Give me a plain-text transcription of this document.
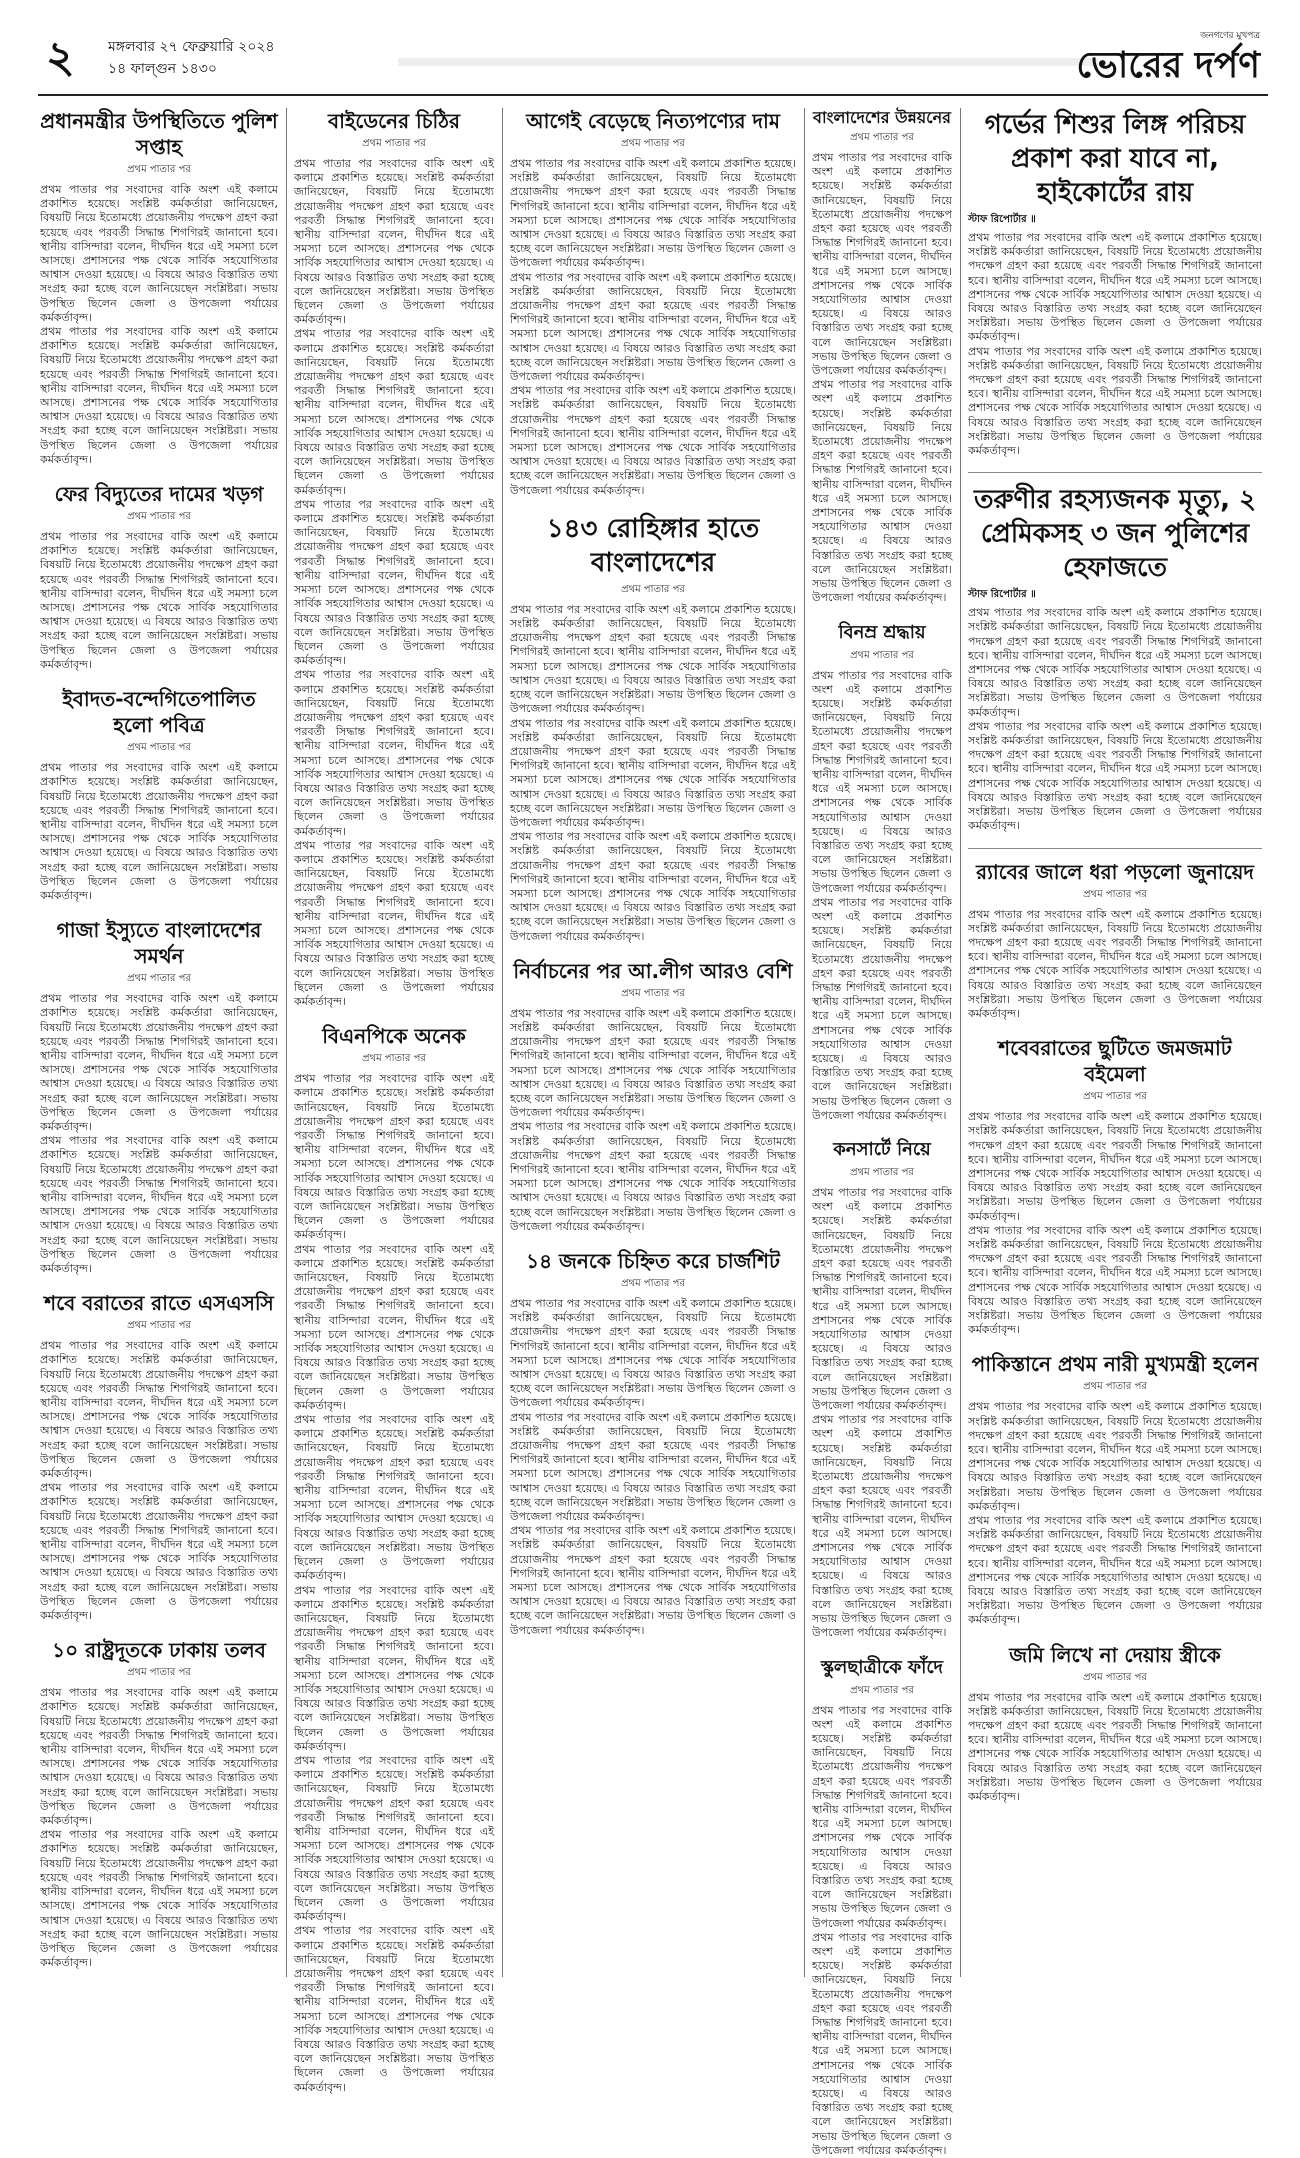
২ মঙ্গলবার ২৭ ফেব্রুয়ারি ২০২৪
১৪ ফাল্গুন ১৪৩০
জনগণের মুখপত্র
ভোরের দর্পণ
প্রধানমন্ত্রীর উপস্থিতিতে পুলিশ সপ্তাহ
প্রথম পাতার পর

প্রথম পাতার পর সংবাদের বাকি অংশ এই কলামে প্রকাশিত হয়েছে। সংশ্লিষ্ট কর্মকর্তারা জানিয়েছেন, বিষয়টি নিয়ে ইতোমধ্যে প্রয়োজনীয় পদক্ষেপ গ্রহণ করা হয়েছে এবং পরবর্তী সিদ্ধান্ত শিগগিরই জানানো হবে। স্থানীয় বাসিন্দারা বলেন, দীর্ঘদিন ধরে এই সমস্যা চলে আসছে। প্রশাসনের পক্ষ থেকে সার্বিক সহযোগিতার আশ্বাস দেওয়া হয়েছে। এ বিষয়ে আরও বিস্তারিত তথ্য সংগ্রহ করা হচ্ছে বলে জানিয়েছেন সংশ্লিষ্টরা। সভায় উপস্থিত ছিলেন জেলা ও উপজেলা পর্যায়ের কর্মকর্তাবৃন্দ।

প্রথম পাতার পর সংবাদের বাকি অংশ এই কলামে প্রকাশিত হয়েছে। সংশ্লিষ্ট কর্মকর্তারা জানিয়েছেন, বিষয়টি নিয়ে ইতোমধ্যে প্রয়োজনীয় পদক্ষেপ গ্রহণ করা হয়েছে এবং পরবর্তী সিদ্ধান্ত শিগগিরই জানানো হবে। স্থানীয় বাসিন্দারা বলেন, দীর্ঘদিন ধরে এই সমস্যা চলে আসছে। প্রশাসনের পক্ষ থেকে সার্বিক সহযোগিতার আশ্বাস দেওয়া হয়েছে। এ বিষয়ে আরও বিস্তারিত তথ্য সংগ্রহ করা হচ্ছে বলে জানিয়েছেন সংশ্লিষ্টরা। সভায় উপস্থিত ছিলেন জেলা ও উপজেলা পর্যায়ের কর্মকর্তাবৃন্দ।

ফের বিদ্যুতের দামের খড়গ
প্রথম পাতার পর

প্রথম পাতার পর সংবাদের বাকি অংশ এই কলামে প্রকাশিত হয়েছে। সংশ্লিষ্ট কর্মকর্তারা জানিয়েছেন, বিষয়টি নিয়ে ইতোমধ্যে প্রয়োজনীয় পদক্ষেপ গ্রহণ করা হয়েছে এবং পরবর্তী সিদ্ধান্ত শিগগিরই জানানো হবে। স্থানীয় বাসিন্দারা বলেন, দীর্ঘদিন ধরে এই সমস্যা চলে আসছে। প্রশাসনের পক্ষ থেকে সার্বিক সহযোগিতার আশ্বাস দেওয়া হয়েছে। এ বিষয়ে আরও বিস্তারিত তথ্য সংগ্রহ করা হচ্ছে বলে জানিয়েছেন সংশ্লিষ্টরা। সভায় উপস্থিত ছিলেন জেলা ও উপজেলা পর্যায়ের কর্মকর্তাবৃন্দ।

ইবাদত-বন্দেগিতেপালিত হলো পবিত্র
প্রথম পাতার পর

প্রথম পাতার পর সংবাদের বাকি অংশ এই কলামে প্রকাশিত হয়েছে। সংশ্লিষ্ট কর্মকর্তারা জানিয়েছেন, বিষয়টি নিয়ে ইতোমধ্যে প্রয়োজনীয় পদক্ষেপ গ্রহণ করা হয়েছে এবং পরবর্তী সিদ্ধান্ত শিগগিরই জানানো হবে। স্থানীয় বাসিন্দারা বলেন, দীর্ঘদিন ধরে এই সমস্যা চলে আসছে। প্রশাসনের পক্ষ থেকে সার্বিক সহযোগিতার আশ্বাস দেওয়া হয়েছে। এ বিষয়ে আরও বিস্তারিত তথ্য সংগ্রহ করা হচ্ছে বলে জানিয়েছেন সংশ্লিষ্টরা। সভায় উপস্থিত ছিলেন জেলা ও উপজেলা পর্যায়ের কর্মকর্তাবৃন্দ।

গাজা ইস্যুতে বাংলাদেশের সমর্থন
প্রথম পাতার পর

প্রথম পাতার পর সংবাদের বাকি অংশ এই কলামে প্রকাশিত হয়েছে। সংশ্লিষ্ট কর্মকর্তারা জানিয়েছেন, বিষয়টি নিয়ে ইতোমধ্যে প্রয়োজনীয় পদক্ষেপ গ্রহণ করা হয়েছে এবং পরবর্তী সিদ্ধান্ত শিগগিরই জানানো হবে। স্থানীয় বাসিন্দারা বলেন, দীর্ঘদিন ধরে এই সমস্যা চলে আসছে। প্রশাসনের পক্ষ থেকে সার্বিক সহযোগিতার আশ্বাস দেওয়া হয়েছে। এ বিষয়ে আরও বিস্তারিত তথ্য সংগ্রহ করা হচ্ছে বলে জানিয়েছেন সংশ্লিষ্টরা। সভায় উপস্থিত ছিলেন জেলা ও উপজেলা পর্যায়ের কর্মকর্তাবৃন্দ।

প্রথম পাতার পর সংবাদের বাকি অংশ এই কলামে প্রকাশিত হয়েছে। সংশ্লিষ্ট কর্মকর্তারা জানিয়েছেন, বিষয়টি নিয়ে ইতোমধ্যে প্রয়োজনীয় পদক্ষেপ গ্রহণ করা হয়েছে এবং পরবর্তী সিদ্ধান্ত শিগগিরই জানানো হবে। স্থানীয় বাসিন্দারা বলেন, দীর্ঘদিন ধরে এই সমস্যা চলে আসছে। প্রশাসনের পক্ষ থেকে সার্বিক সহযোগিতার আশ্বাস দেওয়া হয়েছে। এ বিষয়ে আরও বিস্তারিত তথ্য সংগ্রহ করা হচ্ছে বলে জানিয়েছেন সংশ্লিষ্টরা। সভায় উপস্থিত ছিলেন জেলা ও উপজেলা পর্যায়ের কর্মকর্তাবৃন্দ।

শবে বরাতের রাতে এসএসসি
প্রথম পাতার পর

প্রথম পাতার পর সংবাদের বাকি অংশ এই কলামে প্রকাশিত হয়েছে। সংশ্লিষ্ট কর্মকর্তারা জানিয়েছেন, বিষয়টি নিয়ে ইতোমধ্যে প্রয়োজনীয় পদক্ষেপ গ্রহণ করা হয়েছে এবং পরবর্তী সিদ্ধান্ত শিগগিরই জানানো হবে। স্থানীয় বাসিন্দারা বলেন, দীর্ঘদিন ধরে এই সমস্যা চলে আসছে। প্রশাসনের পক্ষ থেকে সার্বিক সহযোগিতার আশ্বাস দেওয়া হয়েছে। এ বিষয়ে আরও বিস্তারিত তথ্য সংগ্রহ করা হচ্ছে বলে জানিয়েছেন সংশ্লিষ্টরা। সভায় উপস্থিত ছিলেন জেলা ও উপজেলা পর্যায়ের কর্মকর্তাবৃন্দ।

প্রথম পাতার পর সংবাদের বাকি অংশ এই কলামে প্রকাশিত হয়েছে। সংশ্লিষ্ট কর্মকর্তারা জানিয়েছেন, বিষয়টি নিয়ে ইতোমধ্যে প্রয়োজনীয় পদক্ষেপ গ্রহণ করা হয়েছে এবং পরবর্তী সিদ্ধান্ত শিগগিরই জানানো হবে। স্থানীয় বাসিন্দারা বলেন, দীর্ঘদিন ধরে এই সমস্যা চলে আসছে। প্রশাসনের পক্ষ থেকে সার্বিক সহযোগিতার আশ্বাস দেওয়া হয়েছে। এ বিষয়ে আরও বিস্তারিত তথ্য সংগ্রহ করা হচ্ছে বলে জানিয়েছেন সংশ্লিষ্টরা। সভায় উপস্থিত ছিলেন জেলা ও উপজেলা পর্যায়ের কর্মকর্তাবৃন্দ।

১০ রাষ্ট্রদূতকে ঢাকায় তলব
প্রথম পাতার পর

প্রথম পাতার পর সংবাদের বাকি অংশ এই কলামে প্রকাশিত হয়েছে। সংশ্লিষ্ট কর্মকর্তারা জানিয়েছেন, বিষয়টি নিয়ে ইতোমধ্যে প্রয়োজনীয় পদক্ষেপ গ্রহণ করা হয়েছে এবং পরবর্তী সিদ্ধান্ত শিগগিরই জানানো হবে। স্থানীয় বাসিন্দারা বলেন, দীর্ঘদিন ধরে এই সমস্যা চলে আসছে। প্রশাসনের পক্ষ থেকে সার্বিক সহযোগিতার আশ্বাস দেওয়া হয়েছে। এ বিষয়ে আরও বিস্তারিত তথ্য সংগ্রহ করা হচ্ছে বলে জানিয়েছেন সংশ্লিষ্টরা। সভায় উপস্থিত ছিলেন জেলা ও উপজেলা পর্যায়ের কর্মকর্তাবৃন্দ।

প্রথম পাতার পর সংবাদের বাকি অংশ এই কলামে প্রকাশিত হয়েছে। সংশ্লিষ্ট কর্মকর্তারা জানিয়েছেন, বিষয়টি নিয়ে ইতোমধ্যে প্রয়োজনীয় পদক্ষেপ গ্রহণ করা হয়েছে এবং পরবর্তী সিদ্ধান্ত শিগগিরই জানানো হবে। স্থানীয় বাসিন্দারা বলেন, দীর্ঘদিন ধরে এই সমস্যা চলে আসছে। প্রশাসনের পক্ষ থেকে সার্বিক সহযোগিতার আশ্বাস দেওয়া হয়েছে। এ বিষয়ে আরও বিস্তারিত তথ্য সংগ্রহ করা হচ্ছে বলে জানিয়েছেন সংশ্লিষ্টরা। সভায় উপস্থিত ছিলেন জেলা ও উপজেলা পর্যায়ের কর্মকর্তাবৃন্দ।

বাইডেনের চিঠির
প্রথম পাতার পর

প্রথম পাতার পর সংবাদের বাকি অংশ এই কলামে প্রকাশিত হয়েছে। সংশ্লিষ্ট কর্মকর্তারা জানিয়েছেন, বিষয়টি নিয়ে ইতোমধ্যে প্রয়োজনীয় পদক্ষেপ গ্রহণ করা হয়েছে এবং পরবর্তী সিদ্ধান্ত শিগগিরই জানানো হবে। স্থানীয় বাসিন্দারা বলেন, দীর্ঘদিন ধরে এই সমস্যা চলে আসছে। প্রশাসনের পক্ষ থেকে সার্বিক সহযোগিতার আশ্বাস দেওয়া হয়েছে। এ বিষয়ে আরও বিস্তারিত তথ্য সংগ্রহ করা হচ্ছে বলে জানিয়েছেন সংশ্লিষ্টরা। সভায় উপস্থিত ছিলেন জেলা ও উপজেলা পর্যায়ের কর্মকর্তাবৃন্দ।

প্রথম পাতার পর সংবাদের বাকি অংশ এই কলামে প্রকাশিত হয়েছে। সংশ্লিষ্ট কর্মকর্তারা জানিয়েছেন, বিষয়টি নিয়ে ইতোমধ্যে প্রয়োজনীয় পদক্ষেপ গ্রহণ করা হয়েছে এবং পরবর্তী সিদ্ধান্ত শিগগিরই জানানো হবে। স্থানীয় বাসিন্দারা বলেন, দীর্ঘদিন ধরে এই সমস্যা চলে আসছে। প্রশাসনের পক্ষ থেকে সার্বিক সহযোগিতার আশ্বাস দেওয়া হয়েছে। এ বিষয়ে আরও বিস্তারিত তথ্য সংগ্রহ করা হচ্ছে বলে জানিয়েছেন সংশ্লিষ্টরা। সভায় উপস্থিত ছিলেন জেলা ও উপজেলা পর্যায়ের কর্মকর্তাবৃন্দ।

প্রথম পাতার পর সংবাদের বাকি অংশ এই কলামে প্রকাশিত হয়েছে। সংশ্লিষ্ট কর্মকর্তারা জানিয়েছেন, বিষয়টি নিয়ে ইতোমধ্যে প্রয়োজনীয় পদক্ষেপ গ্রহণ করা হয়েছে এবং পরবর্তী সিদ্ধান্ত শিগগিরই জানানো হবে। স্থানীয় বাসিন্দারা বলেন, দীর্ঘদিন ধরে এই সমস্যা চলে আসছে। প্রশাসনের পক্ষ থেকে সার্বিক সহযোগিতার আশ্বাস দেওয়া হয়েছে। এ বিষয়ে আরও বিস্তারিত তথ্য সংগ্রহ করা হচ্ছে বলে জানিয়েছেন সংশ্লিষ্টরা। সভায় উপস্থিত ছিলেন জেলা ও উপজেলা পর্যায়ের কর্মকর্তাবৃন্দ।

প্রথম পাতার পর সংবাদের বাকি অংশ এই কলামে প্রকাশিত হয়েছে। সংশ্লিষ্ট কর্মকর্তারা জানিয়েছেন, বিষয়টি নিয়ে ইতোমধ্যে প্রয়োজনীয় পদক্ষেপ গ্রহণ করা হয়েছে এবং পরবর্তী সিদ্ধান্ত শিগগিরই জানানো হবে। স্থানীয় বাসিন্দারা বলেন, দীর্ঘদিন ধরে এই সমস্যা চলে আসছে। প্রশাসনের পক্ষ থেকে সার্বিক সহযোগিতার আশ্বাস দেওয়া হয়েছে। এ বিষয়ে আরও বিস্তারিত তথ্য সংগ্রহ করা হচ্ছে বলে জানিয়েছেন সংশ্লিষ্টরা। সভায় উপস্থিত ছিলেন জেলা ও উপজেলা পর্যায়ের কর্মকর্তাবৃন্দ।

প্রথম পাতার পর সংবাদের বাকি অংশ এই কলামে প্রকাশিত হয়েছে। সংশ্লিষ্ট কর্মকর্তারা জানিয়েছেন, বিষয়টি নিয়ে ইতোমধ্যে প্রয়োজনীয় পদক্ষেপ গ্রহণ করা হয়েছে এবং পরবর্তী সিদ্ধান্ত শিগগিরই জানানো হবে। স্থানীয় বাসিন্দারা বলেন, দীর্ঘদিন ধরে এই সমস্যা চলে আসছে। প্রশাসনের পক্ষ থেকে সার্বিক সহযোগিতার আশ্বাস দেওয়া হয়েছে। এ বিষয়ে আরও বিস্তারিত তথ্য সংগ্রহ করা হচ্ছে বলে জানিয়েছেন সংশ্লিষ্টরা। সভায় উপস্থিত ছিলেন জেলা ও উপজেলা পর্যায়ের কর্মকর্তাবৃন্দ।

বিএনপিকে অনেক
প্রথম পাতার পর

প্রথম পাতার পর সংবাদের বাকি অংশ এই কলামে প্রকাশিত হয়েছে। সংশ্লিষ্ট কর্মকর্তারা জানিয়েছেন, বিষয়টি নিয়ে ইতোমধ্যে প্রয়োজনীয় পদক্ষেপ গ্রহণ করা হয়েছে এবং পরবর্তী সিদ্ধান্ত শিগগিরই জানানো হবে। স্থানীয় বাসিন্দারা বলেন, দীর্ঘদিন ধরে এই সমস্যা চলে আসছে। প্রশাসনের পক্ষ থেকে সার্বিক সহযোগিতার আশ্বাস দেওয়া হয়েছে। এ বিষয়ে আরও বিস্তারিত তথ্য সংগ্রহ করা হচ্ছে বলে জানিয়েছেন সংশ্লিষ্টরা। সভায় উপস্থিত ছিলেন জেলা ও উপজেলা পর্যায়ের কর্মকর্তাবৃন্দ।

প্রথম পাতার পর সংবাদের বাকি অংশ এই কলামে প্রকাশিত হয়েছে। সংশ্লিষ্ট কর্মকর্তারা জানিয়েছেন, বিষয়টি নিয়ে ইতোমধ্যে প্রয়োজনীয় পদক্ষেপ গ্রহণ করা হয়েছে এবং পরবর্তী সিদ্ধান্ত শিগগিরই জানানো হবে। স্থানীয় বাসিন্দারা বলেন, দীর্ঘদিন ধরে এই সমস্যা চলে আসছে। প্রশাসনের পক্ষ থেকে সার্বিক সহযোগিতার আশ্বাস দেওয়া হয়েছে। এ বিষয়ে আরও বিস্তারিত তথ্য সংগ্রহ করা হচ্ছে বলে জানিয়েছেন সংশ্লিষ্টরা। সভায় উপস্থিত ছিলেন জেলা ও উপজেলা পর্যায়ের কর্মকর্তাবৃন্দ।

প্রথম পাতার পর সংবাদের বাকি অংশ এই কলামে প্রকাশিত হয়েছে। সংশ্লিষ্ট কর্মকর্তারা জানিয়েছেন, বিষয়টি নিয়ে ইতোমধ্যে প্রয়োজনীয় পদক্ষেপ গ্রহণ করা হয়েছে এবং পরবর্তী সিদ্ধান্ত শিগগিরই জানানো হবে। স্থানীয় বাসিন্দারা বলেন, দীর্ঘদিন ধরে এই সমস্যা চলে আসছে। প্রশাসনের পক্ষ থেকে সার্বিক সহযোগিতার আশ্বাস দেওয়া হয়েছে। এ বিষয়ে আরও বিস্তারিত তথ্য সংগ্রহ করা হচ্ছে বলে জানিয়েছেন সংশ্লিষ্টরা। সভায় উপস্থিত ছিলেন জেলা ও উপজেলা পর্যায়ের কর্মকর্তাবৃন্দ।

প্রথম পাতার পর সংবাদের বাকি অংশ এই কলামে প্রকাশিত হয়েছে। সংশ্লিষ্ট কর্মকর্তারা জানিয়েছেন, বিষয়টি নিয়ে ইতোমধ্যে প্রয়োজনীয় পদক্ষেপ গ্রহণ করা হয়েছে এবং পরবর্তী সিদ্ধান্ত শিগগিরই জানানো হবে। স্থানীয় বাসিন্দারা বলেন, দীর্ঘদিন ধরে এই সমস্যা চলে আসছে। প্রশাসনের পক্ষ থেকে সার্বিক সহযোগিতার আশ্বাস দেওয়া হয়েছে। এ বিষয়ে আরও বিস্তারিত তথ্য সংগ্রহ করা হচ্ছে বলে জানিয়েছেন সংশ্লিষ্টরা। সভায় উপস্থিত ছিলেন জেলা ও উপজেলা পর্যায়ের কর্মকর্তাবৃন্দ।

প্রথম পাতার পর সংবাদের বাকি অংশ এই কলামে প্রকাশিত হয়েছে। সংশ্লিষ্ট কর্মকর্তারা জানিয়েছেন, বিষয়টি নিয়ে ইতোমধ্যে প্রয়োজনীয় পদক্ষেপ গ্রহণ করা হয়েছে এবং পরবর্তী সিদ্ধান্ত শিগগিরই জানানো হবে। স্থানীয় বাসিন্দারা বলেন, দীর্ঘদিন ধরে এই সমস্যা চলে আসছে। প্রশাসনের পক্ষ থেকে সার্বিক সহযোগিতার আশ্বাস দেওয়া হয়েছে। এ বিষয়ে আরও বিস্তারিত তথ্য সংগ্রহ করা হচ্ছে বলে জানিয়েছেন সংশ্লিষ্টরা। সভায় উপস্থিত ছিলেন জেলা ও উপজেলা পর্যায়ের কর্মকর্তাবৃন্দ।

প্রথম পাতার পর সংবাদের বাকি অংশ এই কলামে প্রকাশিত হয়েছে। সংশ্লিষ্ট কর্মকর্তারা জানিয়েছেন, বিষয়টি নিয়ে ইতোমধ্যে প্রয়োজনীয় পদক্ষেপ গ্রহণ করা হয়েছে এবং পরবর্তী সিদ্ধান্ত শিগগিরই জানানো হবে। স্থানীয় বাসিন্দারা বলেন, দীর্ঘদিন ধরে এই সমস্যা চলে আসছে। প্রশাসনের পক্ষ থেকে সার্বিক সহযোগিতার আশ্বাস দেওয়া হয়েছে। এ বিষয়ে আরও বিস্তারিত তথ্য সংগ্রহ করা হচ্ছে বলে জানিয়েছেন সংশ্লিষ্টরা। সভায় উপস্থিত ছিলেন জেলা ও উপজেলা পর্যায়ের কর্মকর্তাবৃন্দ।

আগেই বেড়েছে নিত্যপণ্যের দাম
প্রথম পাতার পর

প্রথম পাতার পর সংবাদের বাকি অংশ এই কলামে প্রকাশিত হয়েছে। সংশ্লিষ্ট কর্মকর্তারা জানিয়েছেন, বিষয়টি নিয়ে ইতোমধ্যে প্রয়োজনীয় পদক্ষেপ গ্রহণ করা হয়েছে এবং পরবর্তী সিদ্ধান্ত শিগগিরই জানানো হবে। স্থানীয় বাসিন্দারা বলেন, দীর্ঘদিন ধরে এই সমস্যা চলে আসছে। প্রশাসনের পক্ষ থেকে সার্বিক সহযোগিতার আশ্বাস দেওয়া হয়েছে। এ বিষয়ে আরও বিস্তারিত তথ্য সংগ্রহ করা হচ্ছে বলে জানিয়েছেন সংশ্লিষ্টরা। সভায় উপস্থিত ছিলেন জেলা ও উপজেলা পর্যায়ের কর্মকর্তাবৃন্দ।

প্রথম পাতার পর সংবাদের বাকি অংশ এই কলামে প্রকাশিত হয়েছে। সংশ্লিষ্ট কর্মকর্তারা জানিয়েছেন, বিষয়টি নিয়ে ইতোমধ্যে প্রয়োজনীয় পদক্ষেপ গ্রহণ করা হয়েছে এবং পরবর্তী সিদ্ধান্ত শিগগিরই জানানো হবে। স্থানীয় বাসিন্দারা বলেন, দীর্ঘদিন ধরে এই সমস্যা চলে আসছে। প্রশাসনের পক্ষ থেকে সার্বিক সহযোগিতার আশ্বাস দেওয়া হয়েছে। এ বিষয়ে আরও বিস্তারিত তথ্য সংগ্রহ করা হচ্ছে বলে জানিয়েছেন সংশ্লিষ্টরা। সভায় উপস্থিত ছিলেন জেলা ও উপজেলা পর্যায়ের কর্মকর্তাবৃন্দ।

প্রথম পাতার পর সংবাদের বাকি অংশ এই কলামে প্রকাশিত হয়েছে। সংশ্লিষ্ট কর্মকর্তারা জানিয়েছেন, বিষয়টি নিয়ে ইতোমধ্যে প্রয়োজনীয় পদক্ষেপ গ্রহণ করা হয়েছে এবং পরবর্তী সিদ্ধান্ত শিগগিরই জানানো হবে। স্থানীয় বাসিন্দারা বলেন, দীর্ঘদিন ধরে এই সমস্যা চলে আসছে। প্রশাসনের পক্ষ থেকে সার্বিক সহযোগিতার আশ্বাস দেওয়া হয়েছে। এ বিষয়ে আরও বিস্তারিত তথ্য সংগ্রহ করা হচ্ছে বলে জানিয়েছেন সংশ্লিষ্টরা। সভায় উপস্থিত ছিলেন জেলা ও উপজেলা পর্যায়ের কর্মকর্তাবৃন্দ।

১৪৩ রোহিঙ্গার হাতে বাংলাদেশের
প্রথম পাতার পর

প্রথম পাতার পর সংবাদের বাকি অংশ এই কলামে প্রকাশিত হয়েছে। সংশ্লিষ্ট কর্মকর্তারা জানিয়েছেন, বিষয়টি নিয়ে ইতোমধ্যে প্রয়োজনীয় পদক্ষেপ গ্রহণ করা হয়েছে এবং পরবর্তী সিদ্ধান্ত শিগগিরই জানানো হবে। স্থানীয় বাসিন্দারা বলেন, দীর্ঘদিন ধরে এই সমস্যা চলে আসছে। প্রশাসনের পক্ষ থেকে সার্বিক সহযোগিতার আশ্বাস দেওয়া হয়েছে। এ বিষয়ে আরও বিস্তারিত তথ্য সংগ্রহ করা হচ্ছে বলে জানিয়েছেন সংশ্লিষ্টরা। সভায় উপস্থিত ছিলেন জেলা ও উপজেলা পর্যায়ের কর্মকর্তাবৃন্দ।

প্রথম পাতার পর সংবাদের বাকি অংশ এই কলামে প্রকাশিত হয়েছে। সংশ্লিষ্ট কর্মকর্তারা জানিয়েছেন, বিষয়টি নিয়ে ইতোমধ্যে প্রয়োজনীয় পদক্ষেপ গ্রহণ করা হয়েছে এবং পরবর্তী সিদ্ধান্ত শিগগিরই জানানো হবে। স্থানীয় বাসিন্দারা বলেন, দীর্ঘদিন ধরে এই সমস্যা চলে আসছে। প্রশাসনের পক্ষ থেকে সার্বিক সহযোগিতার আশ্বাস দেওয়া হয়েছে। এ বিষয়ে আরও বিস্তারিত তথ্য সংগ্রহ করা হচ্ছে বলে জানিয়েছেন সংশ্লিষ্টরা। সভায় উপস্থিত ছিলেন জেলা ও উপজেলা পর্যায়ের কর্মকর্তাবৃন্দ।

প্রথম পাতার পর সংবাদের বাকি অংশ এই কলামে প্রকাশিত হয়েছে। সংশ্লিষ্ট কর্মকর্তারা জানিয়েছেন, বিষয়টি নিয়ে ইতোমধ্যে প্রয়োজনীয় পদক্ষেপ গ্রহণ করা হয়েছে এবং পরবর্তী সিদ্ধান্ত শিগগিরই জানানো হবে। স্থানীয় বাসিন্দারা বলেন, দীর্ঘদিন ধরে এই সমস্যা চলে আসছে। প্রশাসনের পক্ষ থেকে সার্বিক সহযোগিতার আশ্বাস দেওয়া হয়েছে। এ বিষয়ে আরও বিস্তারিত তথ্য সংগ্রহ করা হচ্ছে বলে জানিয়েছেন সংশ্লিষ্টরা। সভায় উপস্থিত ছিলেন জেলা ও উপজেলা পর্যায়ের কর্মকর্তাবৃন্দ।

নির্বাচনের পর আ.লীগ আরও বেশি
প্রথম পাতার পর

প্রথম পাতার পর সংবাদের বাকি অংশ এই কলামে প্রকাশিত হয়েছে। সংশ্লিষ্ট কর্মকর্তারা জানিয়েছেন, বিষয়টি নিয়ে ইতোমধ্যে প্রয়োজনীয় পদক্ষেপ গ্রহণ করা হয়েছে এবং পরবর্তী সিদ্ধান্ত শিগগিরই জানানো হবে। স্থানীয় বাসিন্দারা বলেন, দীর্ঘদিন ধরে এই সমস্যা চলে আসছে। প্রশাসনের পক্ষ থেকে সার্বিক সহযোগিতার আশ্বাস দেওয়া হয়েছে। এ বিষয়ে আরও বিস্তারিত তথ্য সংগ্রহ করা হচ্ছে বলে জানিয়েছেন সংশ্লিষ্টরা। সভায় উপস্থিত ছিলেন জেলা ও উপজেলা পর্যায়ের কর্মকর্তাবৃন্দ।

প্রথম পাতার পর সংবাদের বাকি অংশ এই কলামে প্রকাশিত হয়েছে। সংশ্লিষ্ট কর্মকর্তারা জানিয়েছেন, বিষয়টি নিয়ে ইতোমধ্যে প্রয়োজনীয় পদক্ষেপ গ্রহণ করা হয়েছে এবং পরবর্তী সিদ্ধান্ত শিগগিরই জানানো হবে। স্থানীয় বাসিন্দারা বলেন, দীর্ঘদিন ধরে এই সমস্যা চলে আসছে। প্রশাসনের পক্ষ থেকে সার্বিক সহযোগিতার আশ্বাস দেওয়া হয়েছে। এ বিষয়ে আরও বিস্তারিত তথ্য সংগ্রহ করা হচ্ছে বলে জানিয়েছেন সংশ্লিষ্টরা। সভায় উপস্থিত ছিলেন জেলা ও উপজেলা পর্যায়ের কর্মকর্তাবৃন্দ।

১৪ জনকে চিহ্নিত করে চার্জশিট
প্রথম পাতার পর

প্রথম পাতার পর সংবাদের বাকি অংশ এই কলামে প্রকাশিত হয়েছে। সংশ্লিষ্ট কর্মকর্তারা জানিয়েছেন, বিষয়টি নিয়ে ইতোমধ্যে প্রয়োজনীয় পদক্ষেপ গ্রহণ করা হয়েছে এবং পরবর্তী সিদ্ধান্ত শিগগিরই জানানো হবে। স্থানীয় বাসিন্দারা বলেন, দীর্ঘদিন ধরে এই সমস্যা চলে আসছে। প্রশাসনের পক্ষ থেকে সার্বিক সহযোগিতার আশ্বাস দেওয়া হয়েছে। এ বিষয়ে আরও বিস্তারিত তথ্য সংগ্রহ করা হচ্ছে বলে জানিয়েছেন সংশ্লিষ্টরা। সভায় উপস্থিত ছিলেন জেলা ও উপজেলা পর্যায়ের কর্মকর্তাবৃন্দ।

প্রথম পাতার পর সংবাদের বাকি অংশ এই কলামে প্রকাশিত হয়েছে। সংশ্লিষ্ট কর্মকর্তারা জানিয়েছেন, বিষয়টি নিয়ে ইতোমধ্যে প্রয়োজনীয় পদক্ষেপ গ্রহণ করা হয়েছে এবং পরবর্তী সিদ্ধান্ত শিগগিরই জানানো হবে। স্থানীয় বাসিন্দারা বলেন, দীর্ঘদিন ধরে এই সমস্যা চলে আসছে। প্রশাসনের পক্ষ থেকে সার্বিক সহযোগিতার আশ্বাস দেওয়া হয়েছে। এ বিষয়ে আরও বিস্তারিত তথ্য সংগ্রহ করা হচ্ছে বলে জানিয়েছেন সংশ্লিষ্টরা। সভায় উপস্থিত ছিলেন জেলা ও উপজেলা পর্যায়ের কর্মকর্তাবৃন্দ।

প্রথম পাতার পর সংবাদের বাকি অংশ এই কলামে প্রকাশিত হয়েছে। সংশ্লিষ্ট কর্মকর্তারা জানিয়েছেন, বিষয়টি নিয়ে ইতোমধ্যে প্রয়োজনীয় পদক্ষেপ গ্রহণ করা হয়েছে এবং পরবর্তী সিদ্ধান্ত শিগগিরই জানানো হবে। স্থানীয় বাসিন্দারা বলেন, দীর্ঘদিন ধরে এই সমস্যা চলে আসছে। প্রশাসনের পক্ষ থেকে সার্বিক সহযোগিতার আশ্বাস দেওয়া হয়েছে। এ বিষয়ে আরও বিস্তারিত তথ্য সংগ্রহ করা হচ্ছে বলে জানিয়েছেন সংশ্লিষ্টরা। সভায় উপস্থিত ছিলেন জেলা ও উপজেলা পর্যায়ের কর্মকর্তাবৃন্দ।

বাংলাদেশের উন্নয়নের
প্রথম পাতার পর

প্রথম পাতার পর সংবাদের বাকি অংশ এই কলামে প্রকাশিত হয়েছে। সংশ্লিষ্ট কর্মকর্তারা জানিয়েছেন, বিষয়টি নিয়ে ইতোমধ্যে প্রয়োজনীয় পদক্ষেপ গ্রহণ করা হয়েছে এবং পরবর্তী সিদ্ধান্ত শিগগিরই জানানো হবে। স্থানীয় বাসিন্দারা বলেন, দীর্ঘদিন ধরে এই সমস্যা চলে আসছে। প্রশাসনের পক্ষ থেকে সার্বিক সহযোগিতার আশ্বাস দেওয়া হয়েছে। এ বিষয়ে আরও বিস্তারিত তথ্য সংগ্রহ করা হচ্ছে বলে জানিয়েছেন সংশ্লিষ্টরা। সভায় উপস্থিত ছিলেন জেলা ও উপজেলা পর্যায়ের কর্মকর্তাবৃন্দ।

প্রথম পাতার পর সংবাদের বাকি অংশ এই কলামে প্রকাশিত হয়েছে। সংশ্লিষ্ট কর্মকর্তারা জানিয়েছেন, বিষয়টি নিয়ে ইতোমধ্যে প্রয়োজনীয় পদক্ষেপ গ্রহণ করা হয়েছে এবং পরবর্তী সিদ্ধান্ত শিগগিরই জানানো হবে। স্থানীয় বাসিন্দারা বলেন, দীর্ঘদিন ধরে এই সমস্যা চলে আসছে। প্রশাসনের পক্ষ থেকে সার্বিক সহযোগিতার আশ্বাস দেওয়া হয়েছে। এ বিষয়ে আরও বিস্তারিত তথ্য সংগ্রহ করা হচ্ছে বলে জানিয়েছেন সংশ্লিষ্টরা। সভায় উপস্থিত ছিলেন জেলা ও উপজেলা পর্যায়ের কর্মকর্তাবৃন্দ।

বিনম্র শ্রদ্ধায়
প্রথম পাতার পর

প্রথম পাতার পর সংবাদের বাকি অংশ এই কলামে প্রকাশিত হয়েছে। সংশ্লিষ্ট কর্মকর্তারা জানিয়েছেন, বিষয়টি নিয়ে ইতোমধ্যে প্রয়োজনীয় পদক্ষেপ গ্রহণ করা হয়েছে এবং পরবর্তী সিদ্ধান্ত শিগগিরই জানানো হবে। স্থানীয় বাসিন্দারা বলেন, দীর্ঘদিন ধরে এই সমস্যা চলে আসছে। প্রশাসনের পক্ষ থেকে সার্বিক সহযোগিতার আশ্বাস দেওয়া হয়েছে। এ বিষয়ে আরও বিস্তারিত তথ্য সংগ্রহ করা হচ্ছে বলে জানিয়েছেন সংশ্লিষ্টরা। সভায় উপস্থিত ছিলেন জেলা ও উপজেলা পর্যায়ের কর্মকর্তাবৃন্দ।

প্রথম পাতার পর সংবাদের বাকি অংশ এই কলামে প্রকাশিত হয়েছে। সংশ্লিষ্ট কর্মকর্তারা জানিয়েছেন, বিষয়টি নিয়ে ইতোমধ্যে প্রয়োজনীয় পদক্ষেপ গ্রহণ করা হয়েছে এবং পরবর্তী সিদ্ধান্ত শিগগিরই জানানো হবে। স্থানীয় বাসিন্দারা বলেন, দীর্ঘদিন ধরে এই সমস্যা চলে আসছে। প্রশাসনের পক্ষ থেকে সার্বিক সহযোগিতার আশ্বাস দেওয়া হয়েছে। এ বিষয়ে আরও বিস্তারিত তথ্য সংগ্রহ করা হচ্ছে বলে জানিয়েছেন সংশ্লিষ্টরা। সভায় উপস্থিত ছিলেন জেলা ও উপজেলা পর্যায়ের কর্মকর্তাবৃন্দ।

কনসার্টে নিয়ে
প্রথম পাতার পর

প্রথম পাতার পর সংবাদের বাকি অংশ এই কলামে প্রকাশিত হয়েছে। সংশ্লিষ্ট কর্মকর্তারা জানিয়েছেন, বিষয়টি নিয়ে ইতোমধ্যে প্রয়োজনীয় পদক্ষেপ গ্রহণ করা হয়েছে এবং পরবর্তী সিদ্ধান্ত শিগগিরই জানানো হবে। স্থানীয় বাসিন্দারা বলেন, দীর্ঘদিন ধরে এই সমস্যা চলে আসছে। প্রশাসনের পক্ষ থেকে সার্বিক সহযোগিতার আশ্বাস দেওয়া হয়েছে। এ বিষয়ে আরও বিস্তারিত তথ্য সংগ্রহ করা হচ্ছে বলে জানিয়েছেন সংশ্লিষ্টরা। সভায় উপস্থিত ছিলেন জেলা ও উপজেলা পর্যায়ের কর্মকর্তাবৃন্দ।

প্রথম পাতার পর সংবাদের বাকি অংশ এই কলামে প্রকাশিত হয়েছে। সংশ্লিষ্ট কর্মকর্তারা জানিয়েছেন, বিষয়টি নিয়ে ইতোমধ্যে প্রয়োজনীয় পদক্ষেপ গ্রহণ করা হয়েছে এবং পরবর্তী সিদ্ধান্ত শিগগিরই জানানো হবে। স্থানীয় বাসিন্দারা বলেন, দীর্ঘদিন ধরে এই সমস্যা চলে আসছে। প্রশাসনের পক্ষ থেকে সার্বিক সহযোগিতার আশ্বাস দেওয়া হয়েছে। এ বিষয়ে আরও বিস্তারিত তথ্য সংগ্রহ করা হচ্ছে বলে জানিয়েছেন সংশ্লিষ্টরা। সভায় উপস্থিত ছিলেন জেলা ও উপজেলা পর্যায়ের কর্মকর্তাবৃন্দ।

স্কুলছাত্রীকে ফাঁদে
প্রথম পাতার পর

প্রথম পাতার পর সংবাদের বাকি অংশ এই কলামে প্রকাশিত হয়েছে। সংশ্লিষ্ট কর্মকর্তারা জানিয়েছেন, বিষয়টি নিয়ে ইতোমধ্যে প্রয়োজনীয় পদক্ষেপ গ্রহণ করা হয়েছে এবং পরবর্তী সিদ্ধান্ত শিগগিরই জানানো হবে। স্থানীয় বাসিন্দারা বলেন, দীর্ঘদিন ধরে এই সমস্যা চলে আসছে। প্রশাসনের পক্ষ থেকে সার্বিক সহযোগিতার আশ্বাস দেওয়া হয়েছে। এ বিষয়ে আরও বিস্তারিত তথ্য সংগ্রহ করা হচ্ছে বলে জানিয়েছেন সংশ্লিষ্টরা। সভায় উপস্থিত ছিলেন জেলা ও উপজেলা পর্যায়ের কর্মকর্তাবৃন্দ।

প্রথম পাতার পর সংবাদের বাকি অংশ এই কলামে প্রকাশিত হয়েছে। সংশ্লিষ্ট কর্মকর্তারা জানিয়েছেন, বিষয়টি নিয়ে ইতোমধ্যে প্রয়োজনীয় পদক্ষেপ গ্রহণ করা হয়েছে এবং পরবর্তী সিদ্ধান্ত শিগগিরই জানানো হবে। স্থানীয় বাসিন্দারা বলেন, দীর্ঘদিন ধরে এই সমস্যা চলে আসছে। প্রশাসনের পক্ষ থেকে সার্বিক সহযোগিতার আশ্বাস দেওয়া হয়েছে। এ বিষয়ে আরও বিস্তারিত তথ্য সংগ্রহ করা হচ্ছে বলে জানিয়েছেন সংশ্লিষ্টরা। সভায় উপস্থিত ছিলেন জেলা ও উপজেলা পর্যায়ের কর্মকর্তাবৃন্দ।

গর্ভের শিশুর লিঙ্গ পরিচয় প্রকাশ করা যাবে না, হাইকোর্টের রায়
স্টাফ রিপোর্টার ॥

প্রথম পাতার পর সংবাদের বাকি অংশ এই কলামে প্রকাশিত হয়েছে। সংশ্লিষ্ট কর্মকর্তারা জানিয়েছেন, বিষয়টি নিয়ে ইতোমধ্যে প্রয়োজনীয় পদক্ষেপ গ্রহণ করা হয়েছে এবং পরবর্তী সিদ্ধান্ত শিগগিরই জানানো হবে। স্থানীয় বাসিন্দারা বলেন, দীর্ঘদিন ধরে এই সমস্যা চলে আসছে। প্রশাসনের পক্ষ থেকে সার্বিক সহযোগিতার আশ্বাস দেওয়া হয়েছে। এ বিষয়ে আরও বিস্তারিত তথ্য সংগ্রহ করা হচ্ছে বলে জানিয়েছেন সংশ্লিষ্টরা। সভায় উপস্থিত ছিলেন জেলা ও উপজেলা পর্যায়ের কর্মকর্তাবৃন্দ।

প্রথম পাতার পর সংবাদের বাকি অংশ এই কলামে প্রকাশিত হয়েছে। সংশ্লিষ্ট কর্মকর্তারা জানিয়েছেন, বিষয়টি নিয়ে ইতোমধ্যে প্রয়োজনীয় পদক্ষেপ গ্রহণ করা হয়েছে এবং পরবর্তী সিদ্ধান্ত শিগগিরই জানানো হবে। স্থানীয় বাসিন্দারা বলেন, দীর্ঘদিন ধরে এই সমস্যা চলে আসছে। প্রশাসনের পক্ষ থেকে সার্বিক সহযোগিতার আশ্বাস দেওয়া হয়েছে। এ বিষয়ে আরও বিস্তারিত তথ্য সংগ্রহ করা হচ্ছে বলে জানিয়েছেন সংশ্লিষ্টরা। সভায় উপস্থিত ছিলেন জেলা ও উপজেলা পর্যায়ের কর্মকর্তাবৃন্দ।

তরুণীর রহস্যজনক মৃত্যু, ২ প্রেমিকসহ ৩ জন পুলিশের হেফাজতে
স্টাফ রিপোর্টার ॥

প্রথম পাতার পর সংবাদের বাকি অংশ এই কলামে প্রকাশিত হয়েছে। সংশ্লিষ্ট কর্মকর্তারা জানিয়েছেন, বিষয়টি নিয়ে ইতোমধ্যে প্রয়োজনীয় পদক্ষেপ গ্রহণ করা হয়েছে এবং পরবর্তী সিদ্ধান্ত শিগগিরই জানানো হবে। স্থানীয় বাসিন্দারা বলেন, দীর্ঘদিন ধরে এই সমস্যা চলে আসছে। প্রশাসনের পক্ষ থেকে সার্বিক সহযোগিতার আশ্বাস দেওয়া হয়েছে। এ বিষয়ে আরও বিস্তারিত তথ্য সংগ্রহ করা হচ্ছে বলে জানিয়েছেন সংশ্লিষ্টরা। সভায় উপস্থিত ছিলেন জেলা ও উপজেলা পর্যায়ের কর্মকর্তাবৃন্দ।

প্রথম পাতার পর সংবাদের বাকি অংশ এই কলামে প্রকাশিত হয়েছে। সংশ্লিষ্ট কর্মকর্তারা জানিয়েছেন, বিষয়টি নিয়ে ইতোমধ্যে প্রয়োজনীয় পদক্ষেপ গ্রহণ করা হয়েছে এবং পরবর্তী সিদ্ধান্ত শিগগিরই জানানো হবে। স্থানীয় বাসিন্দারা বলেন, দীর্ঘদিন ধরে এই সমস্যা চলে আসছে। প্রশাসনের পক্ষ থেকে সার্বিক সহযোগিতার আশ্বাস দেওয়া হয়েছে। এ বিষয়ে আরও বিস্তারিত তথ্য সংগ্রহ করা হচ্ছে বলে জানিয়েছেন সংশ্লিষ্টরা। সভায় উপস্থিত ছিলেন জেলা ও উপজেলা পর্যায়ের কর্মকর্তাবৃন্দ।

র‍্যাবের জালে ধরা পড়লো জুনায়েদ
প্রথম পাতার পর

প্রথম পাতার পর সংবাদের বাকি অংশ এই কলামে প্রকাশিত হয়েছে। সংশ্লিষ্ট কর্মকর্তারা জানিয়েছেন, বিষয়টি নিয়ে ইতোমধ্যে প্রয়োজনীয় পদক্ষেপ গ্রহণ করা হয়েছে এবং পরবর্তী সিদ্ধান্ত শিগগিরই জানানো হবে। স্থানীয় বাসিন্দারা বলেন, দীর্ঘদিন ধরে এই সমস্যা চলে আসছে। প্রশাসনের পক্ষ থেকে সার্বিক সহযোগিতার আশ্বাস দেওয়া হয়েছে। এ বিষয়ে আরও বিস্তারিত তথ্য সংগ্রহ করা হচ্ছে বলে জানিয়েছেন সংশ্লিষ্টরা। সভায় উপস্থিত ছিলেন জেলা ও উপজেলা পর্যায়ের কর্মকর্তাবৃন্দ।

শবেবরাতের ছুটিতে জমজমাট বইমেলা
প্রথম পাতার পর

প্রথম পাতার পর সংবাদের বাকি অংশ এই কলামে প্রকাশিত হয়েছে। সংশ্লিষ্ট কর্মকর্তারা জানিয়েছেন, বিষয়টি নিয়ে ইতোমধ্যে প্রয়োজনীয় পদক্ষেপ গ্রহণ করা হয়েছে এবং পরবর্তী সিদ্ধান্ত শিগগিরই জানানো হবে। স্থানীয় বাসিন্দারা বলেন, দীর্ঘদিন ধরে এই সমস্যা চলে আসছে। প্রশাসনের পক্ষ থেকে সার্বিক সহযোগিতার আশ্বাস দেওয়া হয়েছে। এ বিষয়ে আরও বিস্তারিত তথ্য সংগ্রহ করা হচ্ছে বলে জানিয়েছেন সংশ্লিষ্টরা। সভায় উপস্থিত ছিলেন জেলা ও উপজেলা পর্যায়ের কর্মকর্তাবৃন্দ।

প্রথম পাতার পর সংবাদের বাকি অংশ এই কলামে প্রকাশিত হয়েছে। সংশ্লিষ্ট কর্মকর্তারা জানিয়েছেন, বিষয়টি নিয়ে ইতোমধ্যে প্রয়োজনীয় পদক্ষেপ গ্রহণ করা হয়েছে এবং পরবর্তী সিদ্ধান্ত শিগগিরই জানানো হবে। স্থানীয় বাসিন্দারা বলেন, দীর্ঘদিন ধরে এই সমস্যা চলে আসছে। প্রশাসনের পক্ষ থেকে সার্বিক সহযোগিতার আশ্বাস দেওয়া হয়েছে। এ বিষয়ে আরও বিস্তারিত তথ্য সংগ্রহ করা হচ্ছে বলে জানিয়েছেন সংশ্লিষ্টরা। সভায় উপস্থিত ছিলেন জেলা ও উপজেলা পর্যায়ের কর্মকর্তাবৃন্দ।

পাকিস্তানে প্রথম নারী মুখ্যমন্ত্রী হলেন
প্রথম পাতার পর

প্রথম পাতার পর সংবাদের বাকি অংশ এই কলামে প্রকাশিত হয়েছে। সংশ্লিষ্ট কর্মকর্তারা জানিয়েছেন, বিষয়টি নিয়ে ইতোমধ্যে প্রয়োজনীয় পদক্ষেপ গ্রহণ করা হয়েছে এবং পরবর্তী সিদ্ধান্ত শিগগিরই জানানো হবে। স্থানীয় বাসিন্দারা বলেন, দীর্ঘদিন ধরে এই সমস্যা চলে আসছে। প্রশাসনের পক্ষ থেকে সার্বিক সহযোগিতার আশ্বাস দেওয়া হয়েছে। এ বিষয়ে আরও বিস্তারিত তথ্য সংগ্রহ করা হচ্ছে বলে জানিয়েছেন সংশ্লিষ্টরা। সভায় উপস্থিত ছিলেন জেলা ও উপজেলা পর্যায়ের কর্মকর্তাবৃন্দ।

প্রথম পাতার পর সংবাদের বাকি অংশ এই কলামে প্রকাশিত হয়েছে। সংশ্লিষ্ট কর্মকর্তারা জানিয়েছেন, বিষয়টি নিয়ে ইতোমধ্যে প্রয়োজনীয় পদক্ষেপ গ্রহণ করা হয়েছে এবং পরবর্তী সিদ্ধান্ত শিগগিরই জানানো হবে। স্থানীয় বাসিন্দারা বলেন, দীর্ঘদিন ধরে এই সমস্যা চলে আসছে। প্রশাসনের পক্ষ থেকে সার্বিক সহযোগিতার আশ্বাস দেওয়া হয়েছে। এ বিষয়ে আরও বিস্তারিত তথ্য সংগ্রহ করা হচ্ছে বলে জানিয়েছেন সংশ্লিষ্টরা। সভায় উপস্থিত ছিলেন জেলা ও উপজেলা পর্যায়ের কর্মকর্তাবৃন্দ।

জমি লিখে না দেয়ায় স্ত্রীকে
প্রথম পাতার পর

প্রথম পাতার পর সংবাদের বাকি অংশ এই কলামে প্রকাশিত হয়েছে। সংশ্লিষ্ট কর্মকর্তারা জানিয়েছেন, বিষয়টি নিয়ে ইতোমধ্যে প্রয়োজনীয় পদক্ষেপ গ্রহণ করা হয়েছে এবং পরবর্তী সিদ্ধান্ত শিগগিরই জানানো হবে। স্থানীয় বাসিন্দারা বলেন, দীর্ঘদিন ধরে এই সমস্যা চলে আসছে। প্রশাসনের পক্ষ থেকে সার্বিক সহযোগিতার আশ্বাস দেওয়া হয়েছে। এ বিষয়ে আরও বিস্তারিত তথ্য সংগ্রহ করা হচ্ছে বলে জানিয়েছেন সংশ্লিষ্টরা। সভায় উপস্থিত ছিলেন জেলা ও উপজেলা পর্যায়ের কর্মকর্তাবৃন্দ।
